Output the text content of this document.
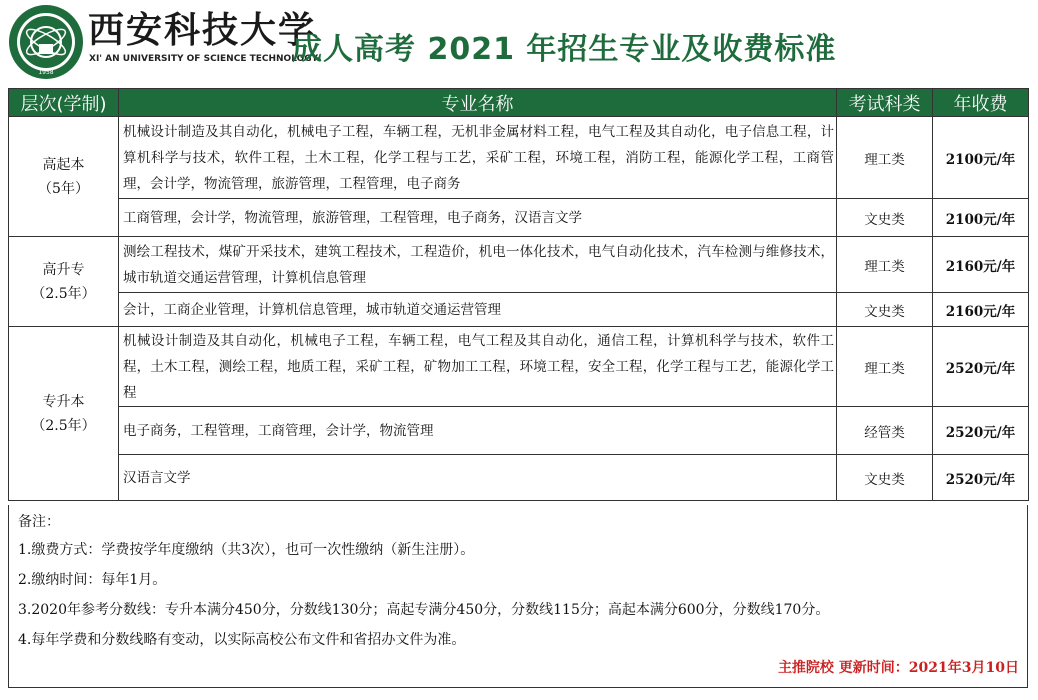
1958
西安科技大学
XI' AN UNIVERSITY OF SCIENCE TECHNOLOGY
成人高考 2021 年招生专业及收费标准
层次(学制)	专业名称	考试科类	年收费

高起本
（5年）	机械设计制造及其自动化，机械电子工程，车辆工程，无机非金属材料工程，电气工程及其自动化，电子信息工程，计算机科学与技术，软件工程，土木工程，化学工程与工艺，采矿工程，环境工程，消防工程，能源化学工程，工商管理，会计学，物流管理，旅游管理，工程管理，电子商务	理工类	2100元/年
	工商管理，会计学，物流管理，旅游管理，工程管理，电子商务，汉语言文学	文史类	2100元/年

高升专
（2.5年）	测绘工程技术，煤矿开采技术，建筑工程技术，工程造价，机电一体化技术，电气自动化技术，汽车检测与维修技术，城市轨道交通运营管理，计算机信息管理	理工类	2160元/年
	会计，工商企业管理，计算机信息管理，城市轨道交通运营管理	文史类	2160元/年

专升本
（2.5年）	机械设计制造及其自动化，机械电子工程，车辆工程，电气工程及其自动化，通信工程，计算机科学与技术，软件工程，土木工程，测绘工程，地质工程，采矿工程，矿物加工工程，环境工程，安全工程，化学工程与工艺，能源化学工程	理工类	2520元/年
	电子商务，工程管理，工商管理，会计学，物流管理	经管类	2520元/年
	汉语言文学	文史类	2520元/年
备注：
1.缴费方式：学费按学年度缴纳（共3次），也可一次性缴纳（新生注册）。
2.缴纳时间：每年1月。
3.2020年参考分数线：专升本满分450分，分数线130分；高起专满分450分，分数线115分；高起本满分600分，分数线170分。
4.每年学费和分数线略有变动，以实际高校公布文件和省招办文件为准。
主推院校 更新时间：2021年3月10日
